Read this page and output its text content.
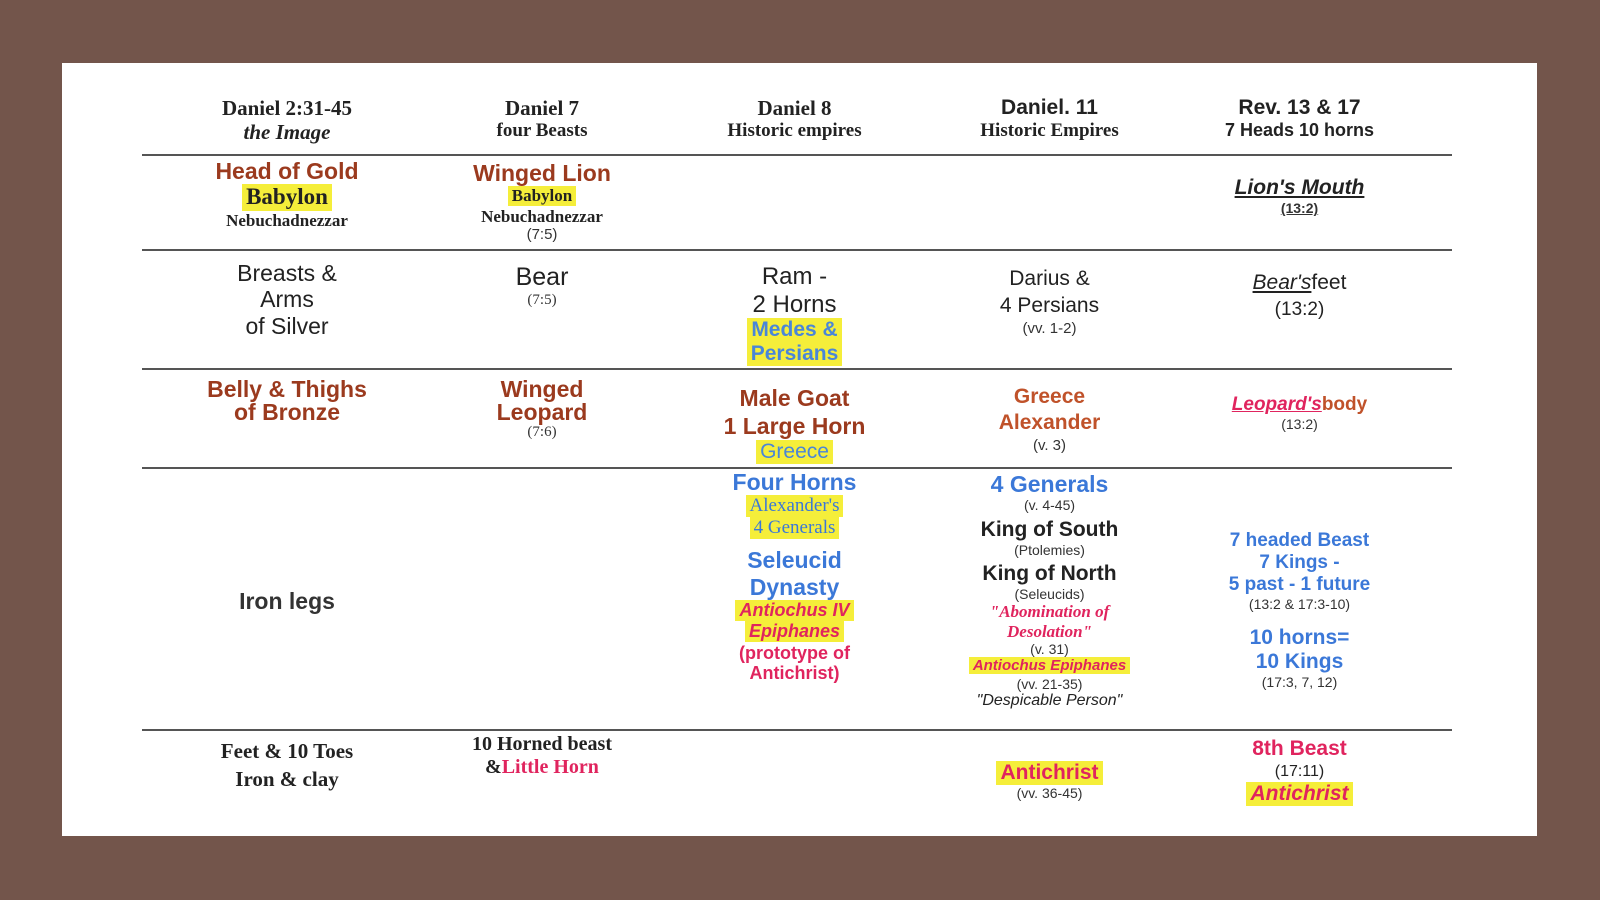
Daniel 2:31-45
the Image
Daniel 7
four Beasts
Daniel 8
Historic empires
Daniel. 11
Historic Empires
Rev. 13 & 17
7 Heads 10 horns
Head of Gold
Babylon
Nebuchadnezzar
Winged Lion
Babylon
Nebuchadnezzar
(7:5)
Lion's Mouth
(13:2)
Breasts &
Arms
of Silver
Bear
(7:5)
Ram -
2 Horns
Medes &
Persians
Darius &
4 Persians
(vv. 1-2)
Bear'sfeet
(13:2)
Belly & Thighs
of Bronze
Winged
Leopard
(7:6)
Male Goat
1 Large Horn
Greece
Greece
Alexander
(v. 3)
Leopard'sbody
(13:2)
Iron legs
Four Horns
Alexander's
4 Generals
Seleucid
Dynasty
Antiochus IV
Epiphanes
(prototype of
Antichrist)
4 Generals
(v. 4-45)
King of South
(Ptolemies)
King of North
(Seleucids)
"Abomination of
Desolation"
(v. 31)
Antiochus Epiphanes
(vv. 21-35)
"Despicable Person"
7 headed Beast
7 Kings -
5 past - 1 future
(13:2 & 17:3-10)
10 horns=
10 Kings
(17:3, 7, 12)
Feet & 10 Toes
Iron & clay
10 Horned beast
&Little Horn	Antichrist
(vv. 36-45)
8th Beast
(17:11)
Antichrist
